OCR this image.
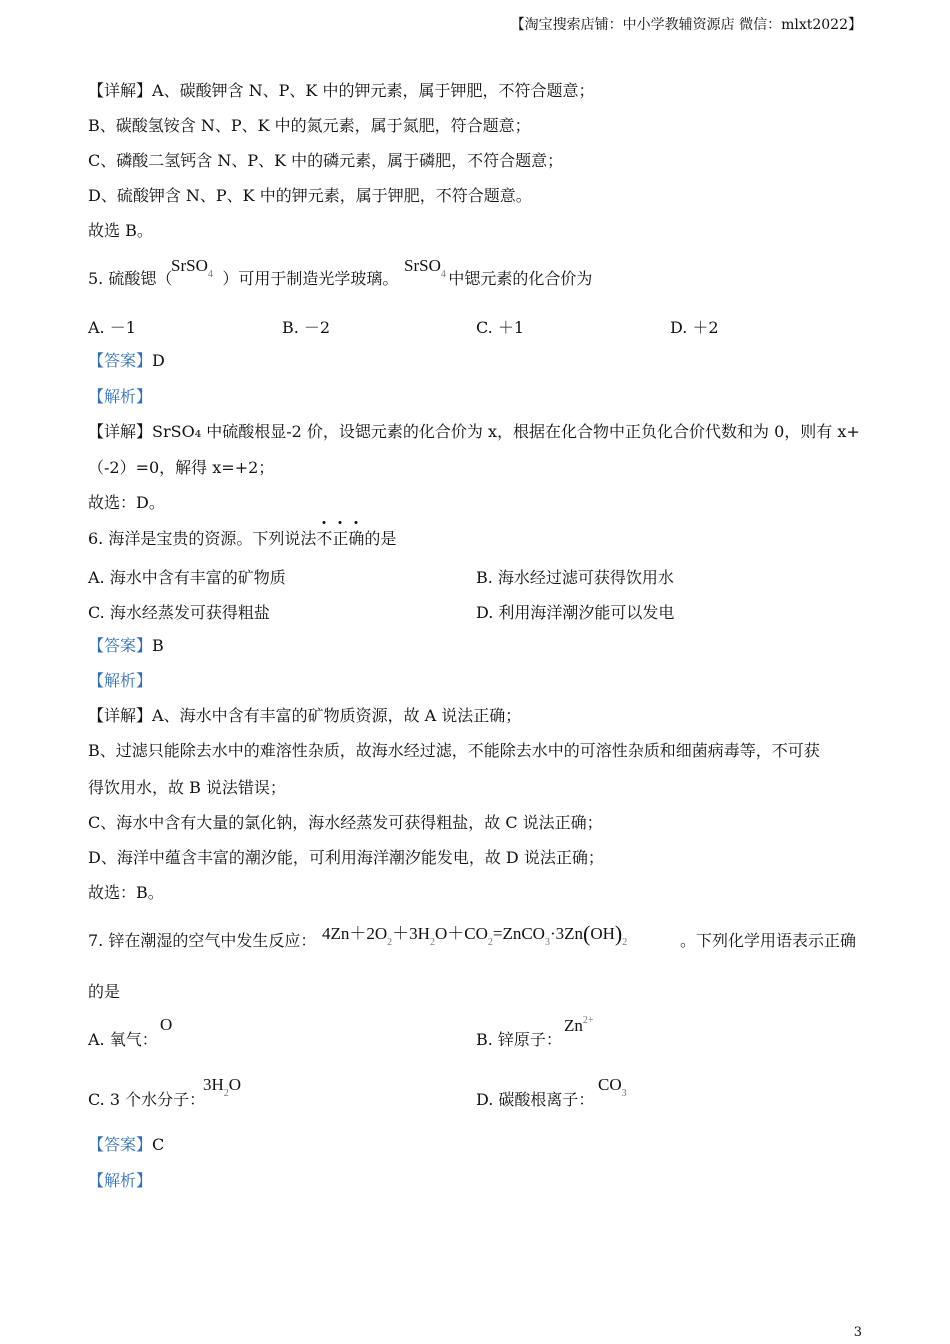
【淘宝搜索店铺：中小学教辅资源店 微信：mlxt2022】
【详解】A、碳酸钾含 N、P、K 中的钾元素，属于钾肥，不符合题意；
B、碳酸氢铵含 N、P、K 中的氮元素，属于氮肥，符合题意；
C、磷酸二氢钙含 N、P、K 中的磷元素，属于磷肥，不符合题意；
D、硫酸钾含 N、P、K 中的钾元素，属于钾肥，不符合题意。
故选 B。
5. 硫酸锶（	）可用于制造光学玻璃。	中锶元素的化合价为
SrSO$_4$	SrSO$_4$
A. －1	B. －2	C. ＋1	D. ＋2
【答案】D
【解析】
【详解】SrSO₄ 中硫酸根显-2 价，设锶元素的化合价为 x，根据在化合物中正负化合价代数和为 0，则有 x+
（-2）=0，解得 x=+2；
故选：D。
6. 海洋是宝贵的资源。下列说法不正确的是
A. 海水中含有丰富的矿物质	B. 海水经过滤可获得饮用水
C. 海水经蒸发可获得粗盐	D. 利用海洋潮汐能可以发电
【答案】B
【解析】
【详解】A、海水中含有丰富的矿物质资源，故 A 说法正确；
B、过滤只能除去水中的难溶性杂质，故海水经过滤，不能除去水中的可溶性杂质和细菌病毒等，不可获
得饮用水，故 B 说法错误；
C、海水中含有大量的氯化钠，海水经蒸发可获得粗盐，故 C 说法正确；
D、海洋中蕴含丰富的潮汐能，可利用海洋潮汐能发电，故 D 说法正确；
故选：B。
7. 锌在潮湿的空气中发生反应： $4Zn+2O_2+3H_2O+CO_2=ZnCO_3\cdot 3Zn(OH)_2$	。下列化学用语表示正确
的是
A. 氧气：
O
B. 锌原子：
$Zn^{2+}$
C. 3 个水分子：
$3H_2O$
D. 碳酸根离子：
$CO_3$
【答案】C
【解析】
3
